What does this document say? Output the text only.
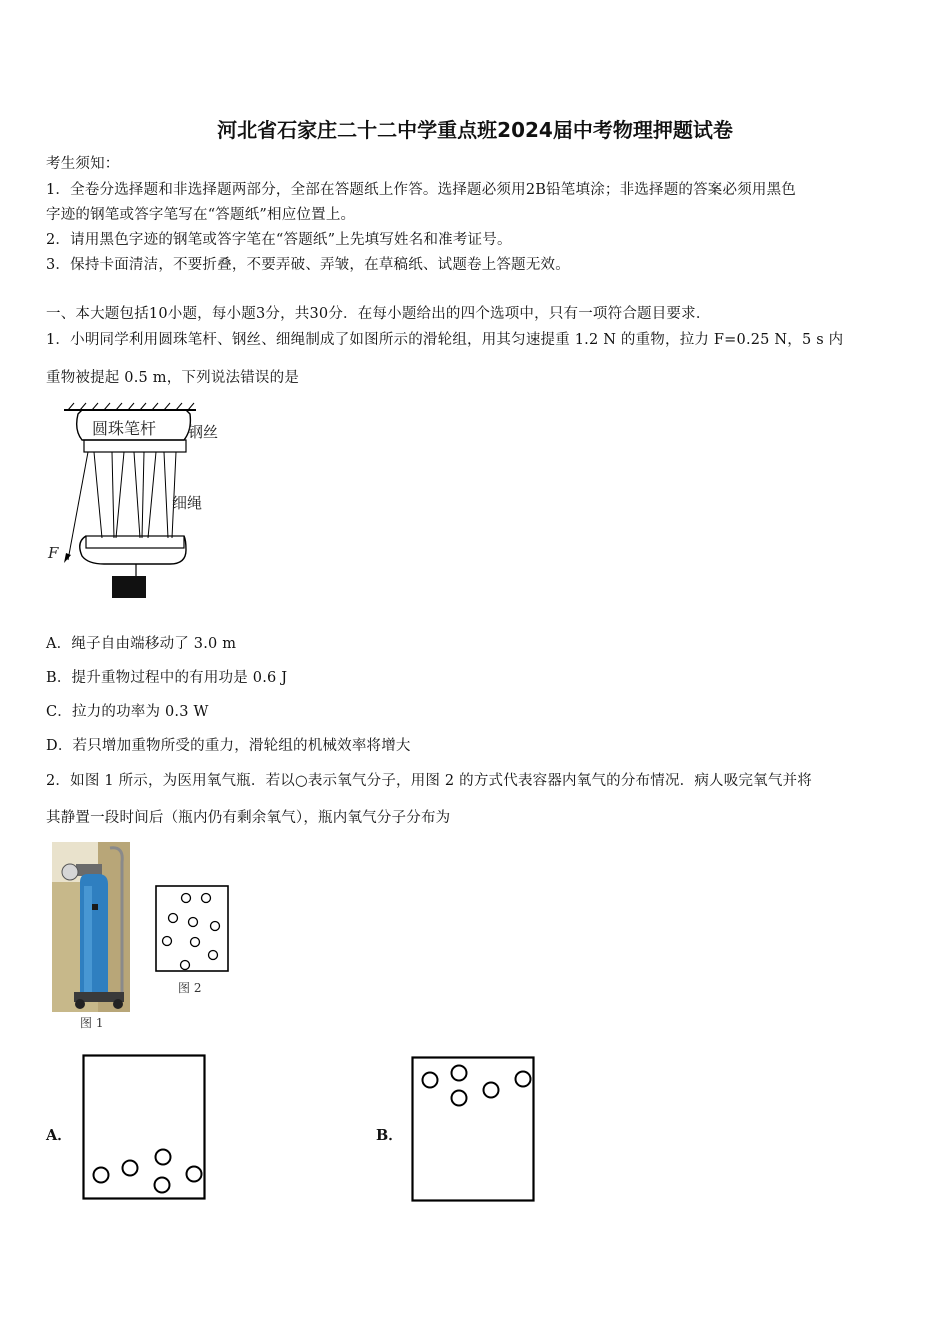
河北省石家庄二十二中学重点班2024届中考物理押题试卷
考生须知：
1．全卷分选择题和非选择题两部分，全部在答题纸上作答。选择题必须用2B铅笔填涂；非选择题的答案必须用黑色
字迹的钢笔或答字笔写在“答题纸”相应位置上。
2．请用黑色字迹的钢笔或答字笔在“答题纸”上先填写姓名和准考证号。
3．保持卡面清洁，不要折叠，不要弄破、弄皱，在草稿纸、试题卷上答题无效。
一、本大题包括10小题，每小题3分，共30分．在每小题给出的四个选项中，只有一项符合题目要求．
1．小明同学利用圆珠笔杆、钢丝、细绳制成了如图所示的滑轮组，用其匀速提重 1.2 N 的重物，拉力 F=0.25 N，5 s 内
重物被提起 0.5 m，下列说法错误的是
圆珠笔杆 钢丝
F
细绳
A．绳子自由端移动了 3.0 m
B．提升重物过程中的有用功是 0.6 J
C．拉力的功率为 0.3 W
D．若只增加重物所受的重力，滑轮组的机械效率将增大
2．如图 1 所示，为医用氧气瓶．若以○表示氧气分子，用图 2 的方式代表容器内氧气的分布情况．病人吸完氧气并将
其静置一段时间后（瓶内仍有剩余氧气），瓶内氧气分子分布为
图 1
图 2
A．	B．
